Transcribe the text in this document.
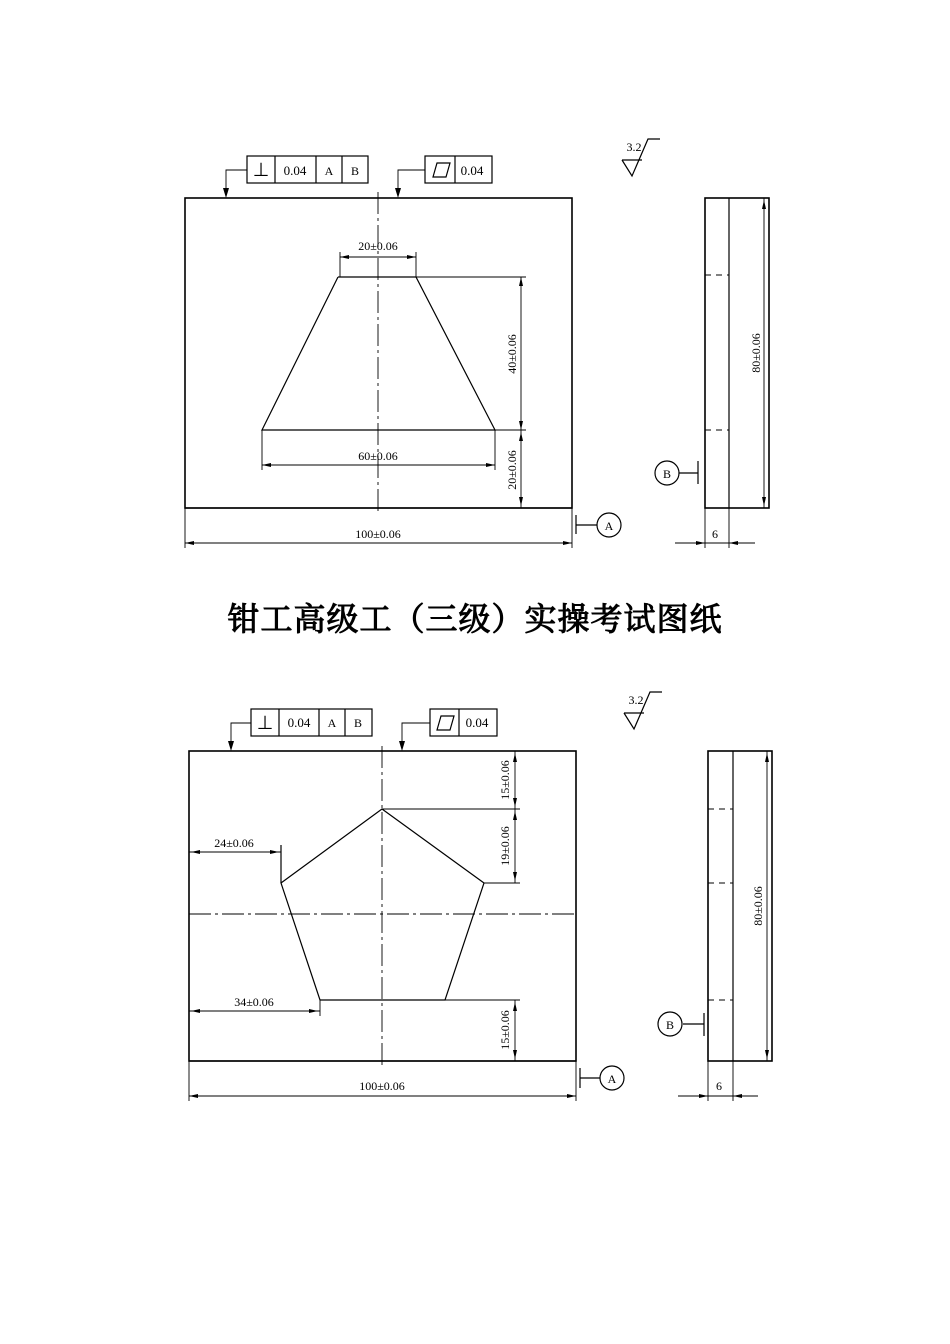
⊥ 0.04 A B	0.04
3.2
20±0.06
60±0.06
40±0.06
20±0.06
100±0.06
A
80±0.06
6
B
⊥ 0.04 A B	0.04
3.2
15±0.06
19±0.06
24±0.06
34±0.06
15±0.06
100±0.06	A
80±0.06
6
B
钳工高级工（三级）实操考试图纸
